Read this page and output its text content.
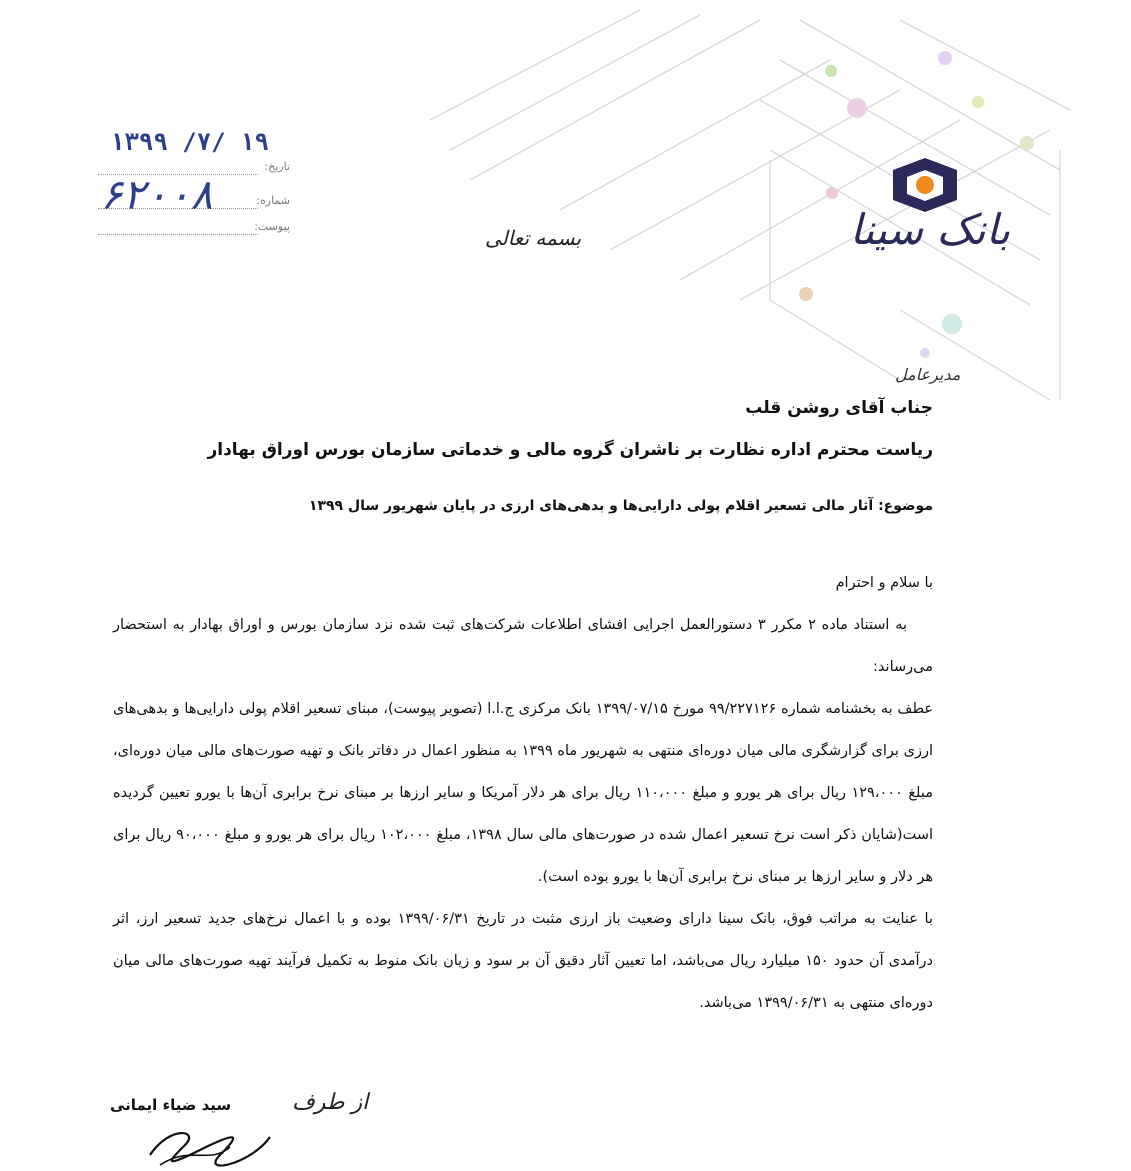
بانک سینا
۱۳۹۹ /۷/ ۱۹
تاریخ:
۶۲۰۰۸	شماره:
پیوست:	بسمه تعالی
مدیرعامل
جناب آقای روشن قلب
ریاست محترم اداره نظارت بر ناشران گروه مالی و خدماتی سازمان بورس اوراق بهادار
موضوع: آثار مالی تسعیر اقلام پولی دارایی‌ها و بدهی‌های ارزی در پایان شهریور سال ۱۳۹۹

با سلام و احترام

به استناد ماده ۲ مکرر ۳ دستورالعمل اجرایی افشای اطلاعات شرکت‌های ثبت شده نزد سازمان بورس و اوراق بهادار به استحضار می‌رساند:

عطف به بخشنامه شماره ۹۹/۲۲۷۱۲۶ مورخ ۱۳۹۹/۰۷/۱۵ بانک مرکزی ج.ا.ا (تصویر پیوست)، مبنای تسعیر اقلام پولی دارایی‌ها و بدهی‌های ارزی برای گزارشگری مالی میان دوره‌ای منتهی به شهریور ماه ۱۳۹۹ به منظور اعمال در دفاتر بانک و تهیه صورت‌های مالی میان دوره‌ای، مبلغ ۱۲۹،۰۰۰ ریال برای هر یورو و مبلغ ۱۱۰،۰۰۰ ریال برای هر دلار آمریکا و سایر ارزها بر مبنای نرخ برابری آن‌ها با یورو تعیین گردیده است(شایان ذکر است نرخ تسعیر اعمال شده در صورت‌های مالی سال ۱۳۹۸، مبلغ ۱۰۲،۰۰۰ ریال برای هر یورو و مبلغ ۹۰،۰۰۰ ریال برای هر دلار و سایر ارزها بر مبنای نرخ برابری آن‌ها با یورو بوده است).

با عنایت به مراتب فوق، بانک سینا دارای وضعیت باز ارزی مثبت در تاریخ ۱۳۹۹/۰۶/۳۱ بوده و با اعمال نرخ‌های جدید تسعیر ارز، اثر درآمدی آن حدود ۱۵۰ میلیارد ریال می‌باشد، اما تعیین آثار دقیق آن بر سود و زیان بانک منوط به تکمیل فرآیند تهیه صورت‌های مالی میان دوره‌ای منتهی به ۱۳۹۹/۰۶/۳۱ می‌باشد.

از طرف
سید ضیاء ایمانی
